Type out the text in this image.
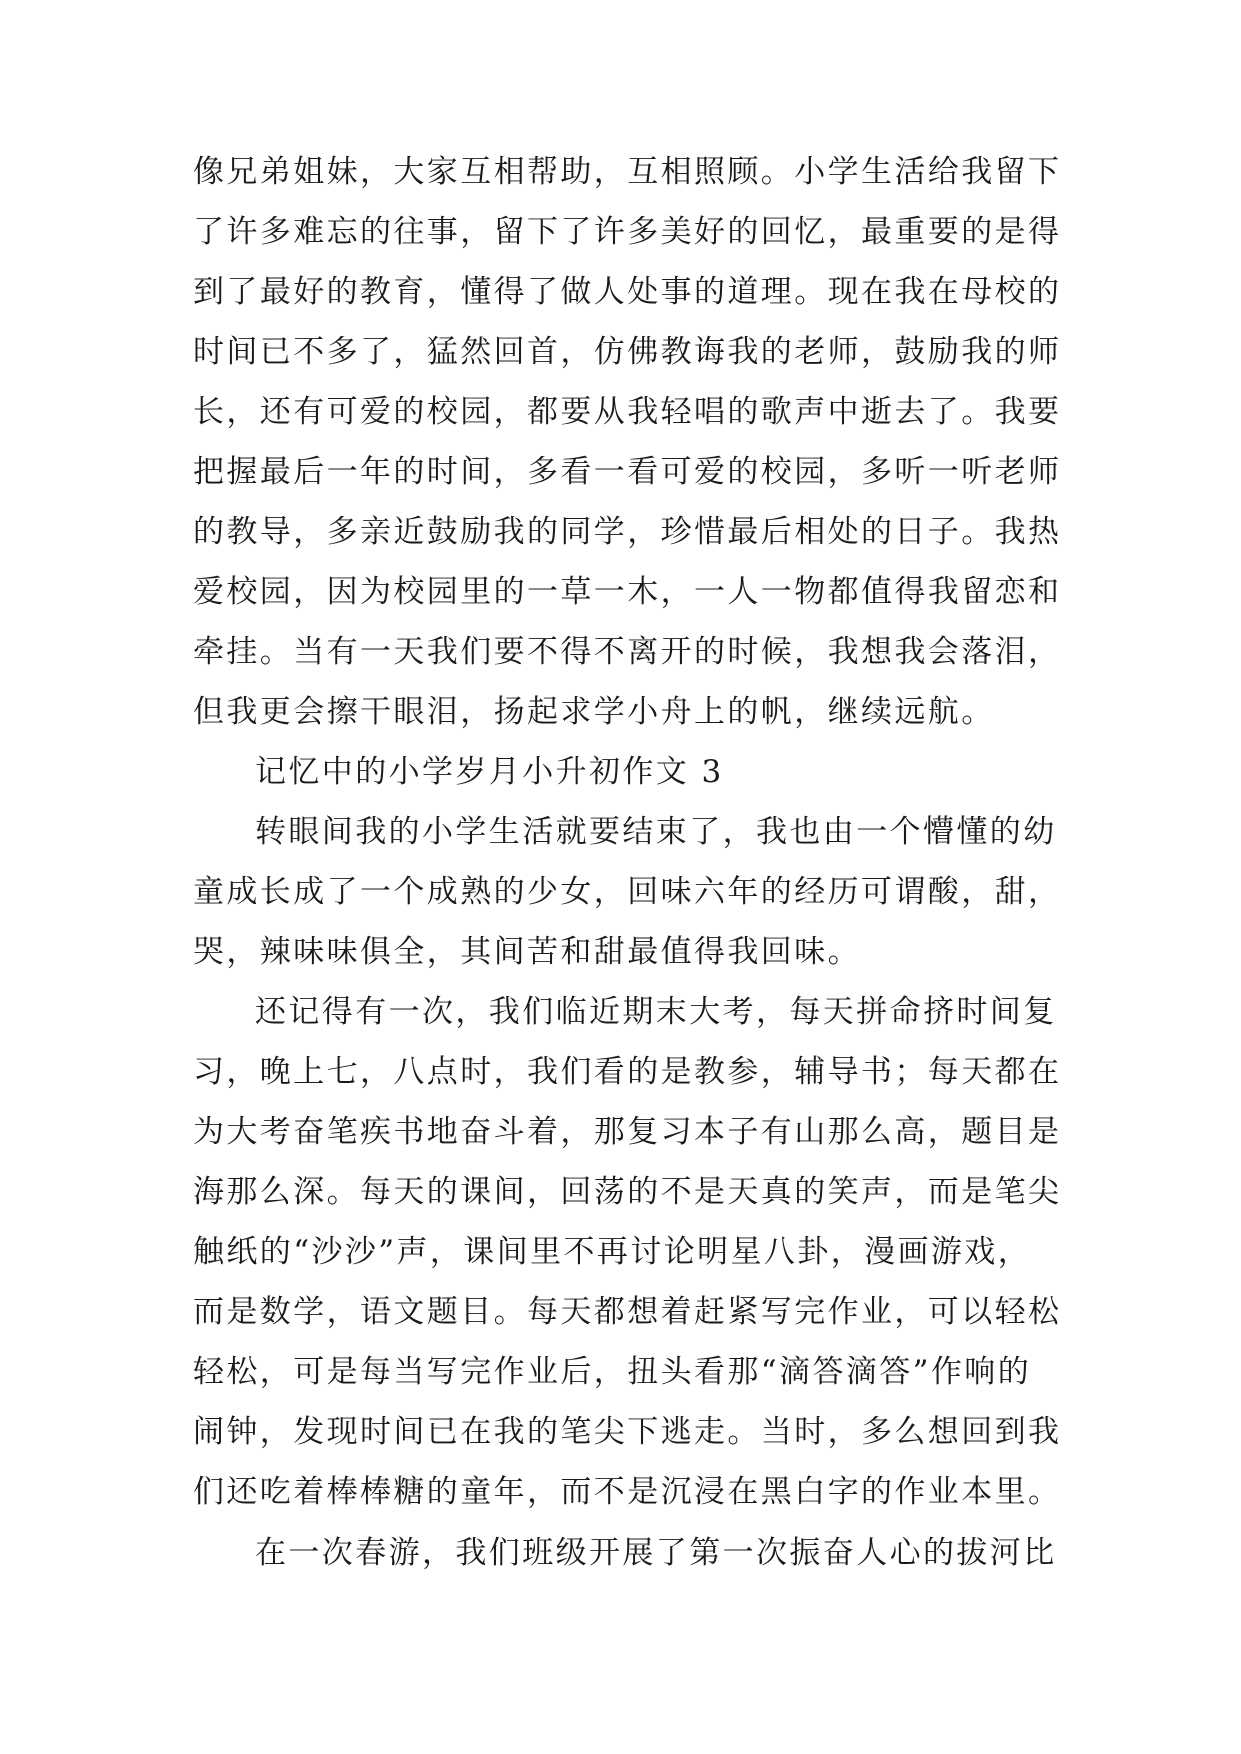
像兄弟姐妹，大家互相帮助，互相照顾。小学生活给我留下
了许多难忘的往事，留下了许多美好的回忆，最重要的是得
到了最好的教育，懂得了做人处事的道理。现在我在母校的
时间已不多了，猛然回首，仿佛教诲我的老师，鼓励我的师
长，还有可爱的校园，都要从我轻唱的歌声中逝去了。我要
把握最后一年的时间，多看一看可爱的校园，多听一听老师
的教导，多亲近鼓励我的同学，珍惜最后相处的日子。我热
爱校园，因为校园里的一草一木，一人一物都值得我留恋和
牵挂。当有一天我们要不得不离开的时候，我想我会落泪，
但我更会擦干眼泪，扬起求学小舟上的帆，继续远航。
记忆中的小学岁月小升初作文 3
转眼间我的小学生活就要结束了，我也由一个懵懂的幼
童成长成了一个成熟的少女，回味六年的经历可谓酸，甜，
哭，辣味味俱全，其间苦和甜最值得我回味。
还记得有一次，我们临近期末大考，每天拼命挤时间复
习，晚上七，八点时，我们看的是教参，辅导书；每天都在
为大考奋笔疾书地奋斗着，那复习本子有山那么高，题目是
海那么深。每天的课间，回荡的不是天真的笑声，而是笔尖
触纸的“沙沙”声，课间里不再讨论明星八卦，漫画游戏，
而是数学，语文题目。每天都想着赶紧写完作业，可以轻松
轻松，可是每当写完作业后，扭头看那“滴答滴答”作响的
闹钟，发现时间已在我的笔尖下逃走。当时，多么想回到我
们还吃着棒棒糖的童年，而不是沉浸在黑白字的作业本里。
在一次春游，我们班级开展了第一次振奋人心的拔河比
